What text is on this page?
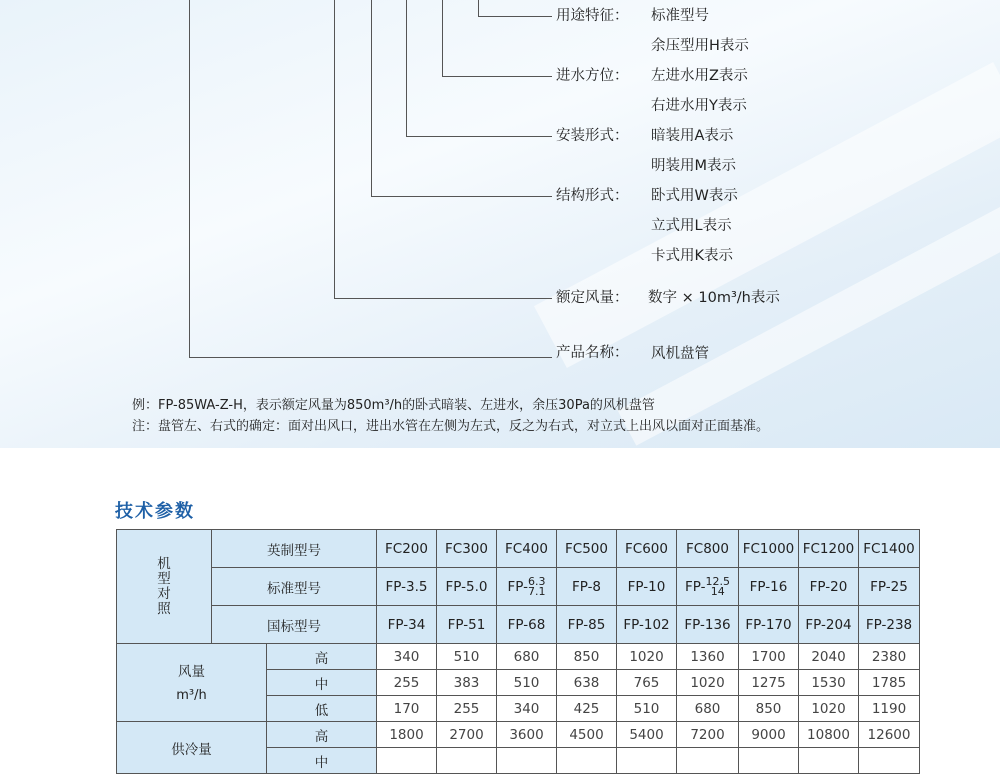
用途特征： 标准型号
余压型用H表示
进水方位： 左进水用Z表示
右进水用Y表示
安装形式： 暗装用A表示
明装用M表示
结构形式： 卧式用W表示
立式用L表示
卡式用K表示
额定风量： 数字 × 10m³/h表示
产品名称： 风机盘管
例：FP-85WA-Z-H，表示额定风量为850m³/h的卧式暗装、左进水，余压30Pa的风机盘管
注：盘管左、右式的确定：面对出风口，进出水管在左侧为左式，反之为右式，对立式上出风以面对正面基准。
技术参数
机
型
对
照	英制型号		FC200	FC300	FC400	FC500	FC600	FC800	FC1000	FC1200	FC1400
	标准型号		FP-3.5	FP-5.0	FP- 6.3
7.1	FP-8	FP-10	FP- 12.5
14	FP-16	FP-20	FP-25
	国标型号		FP-34	FP-51	FP-68	FP-85	FP-102	FP-136	FP-170	FP-204	FP-238

风量
m³/h		高	340	510	680	850	1020	1360	1700	2040	2380
		中	255	383	510	638	765	1020	1275	1530	1785
		低	170	255	340	425	510	680	850	1020	1190

供冷量		高	1800	2700	3600	4500	5400	7200	9000	10800	12600
		中									
